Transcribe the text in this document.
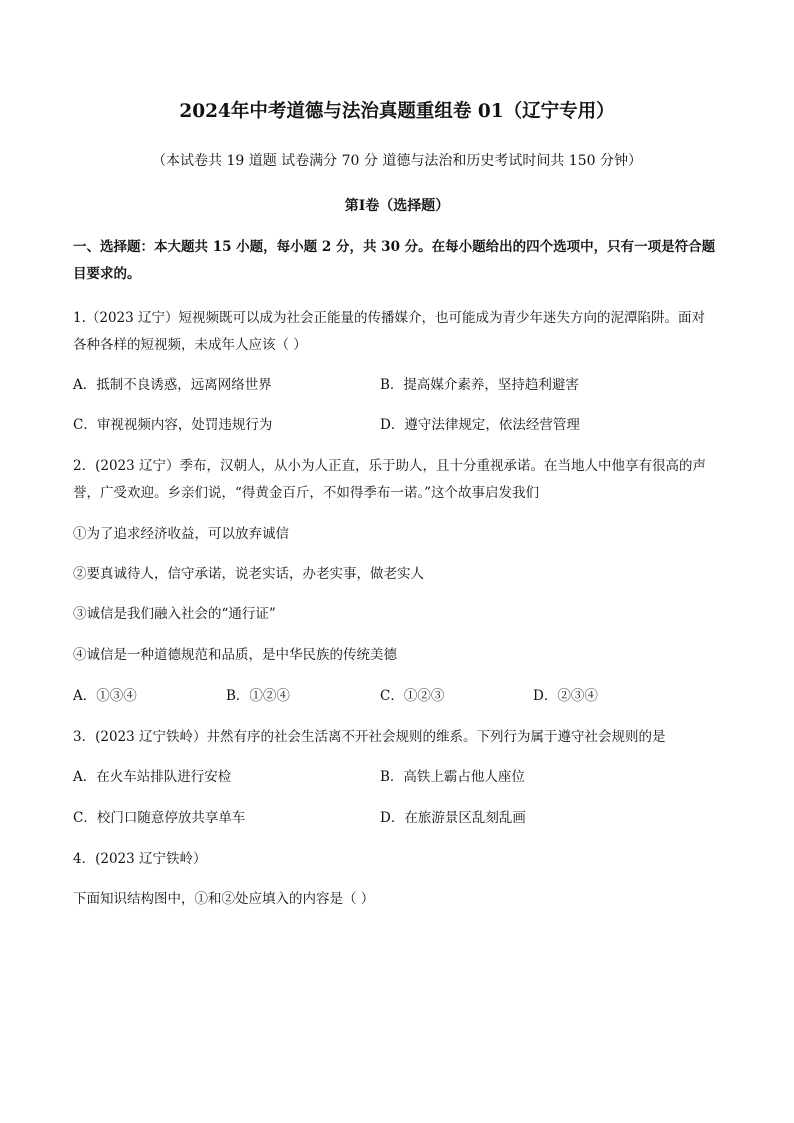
2024年中考道德与法治真题重组卷 01（辽宁专用）
（本试卷共 19 道题 试卷满分 70 分 道德与法治和历史考试时间共 150 分钟）
第Ⅰ卷（选择题）
一、选择题：本大题共 15 小题，每小题 2 分，共 30 分。在每小题给出的四个选项中，只有一项是符合题
目要求的。
1.（2023 辽宁）短视频既可以成为社会正能量的传播媒介，也可能成为青少年迷失方向的泥潭陷阱。面对
各种各样的短视频，未成年人应该（ ）
A．抵制不良诱惑，远离网络世界	B．提高媒介素养，坚持趋利避害
C．审视视频内容，处罚违规行为	D．遵守法律规定，依法经营管理
2．(2023 辽宁）季布，汉朝人，从小为人正直，乐于助人，且十分重视承诺。在当地人中他享有很高的声
誉，广受欢迎。乡亲们说，“得黄金百斤，不如得季布一诺。”这个故事启发我们
①为了追求经济收益，可以放弃诚信
②要真诚待人，信守承诺，说老实话，办老实事，做老实人
③诚信是我们融入社会的“通行证”
④诚信是一种道德规范和品质，是中华民族的传统美德
A．①③④	B．①②④	C．①②③	D．②③④
3．(2023 辽宁铁岭）井然有序的社会生活离不开社会规则的维系。下列行为属于遵守社会规则的是
A．在火车站排队进行安检	B．高铁上霸占他人座位
C．校门口随意停放共享单车	D．在旅游景区乱刻乱画
4．(2023 辽宁铁岭）
下面知识结构图中，①和②处应填入的内容是（ ）
